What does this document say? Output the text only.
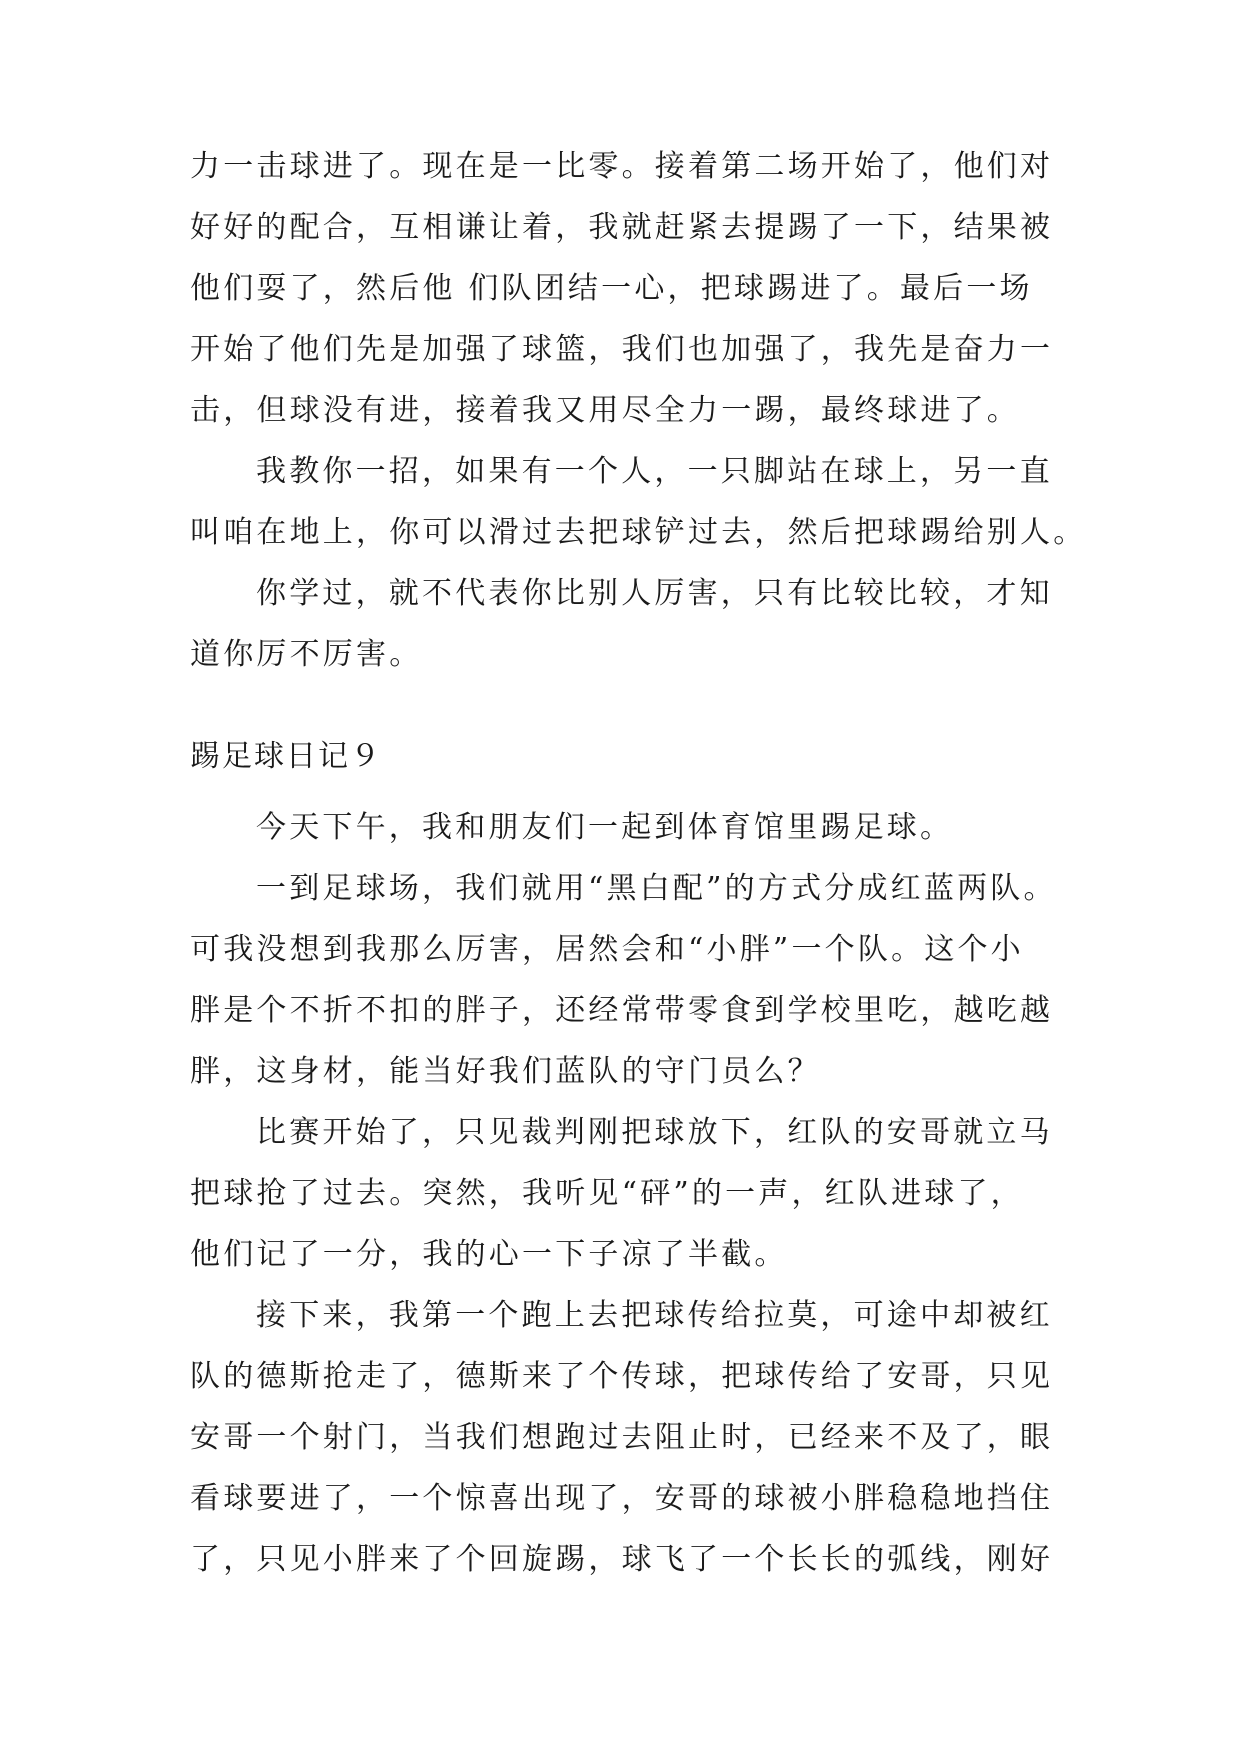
力一击球进了。现在是一比零。接着第二场开始了，他们对
好好的配合，互相谦让着，我就赶紧去提踢了一下，结果被
他们耍了，然后他 们队团结一心，把球踢进了。最后一场
开始了他们先是加强了球篮，我们也加强了，我先是奋力一
击，但球没有进，接着我又用尽全力一踢，最终球进了。
我教你一招，如果有一个人，一只脚站在球上，另一直
叫咱在地上，你可以滑过去把球铲过去，然后把球踢给别人。
你学过，就不代表你比别人厉害，只有比较比较，才知
道你厉不厉害。
踢足球日记９
今天下午，我和朋友们一起到体育馆里踢足球。
一到足球场，我们就用“黑白配”的方式分成红蓝两队。
可我没想到我那么厉害，居然会和“小胖”一个队。这个小
胖是个不折不扣的胖子，还经常带零食到学校里吃，越吃越
胖，这身材，能当好我们蓝队的守门员么？
比赛开始了，只见裁判刚把球放下，红队的安哥就立马
把球抢了过去。突然，我听见“砰”的一声，红队进球了，
他们记了一分，我的心一下子凉了半截。
接下来，我第一个跑上去把球传给拉莫，可途中却被红
队的德斯抢走了，德斯来了个传球，把球传给了安哥，只见
安哥一个射门，当我们想跑过去阻止时，已经来不及了，眼
看球要进了，一个惊喜出现了，安哥的球被小胖稳稳地挡住
了，只见小胖来了个回旋踢，球飞了一个长长的弧线，刚好
